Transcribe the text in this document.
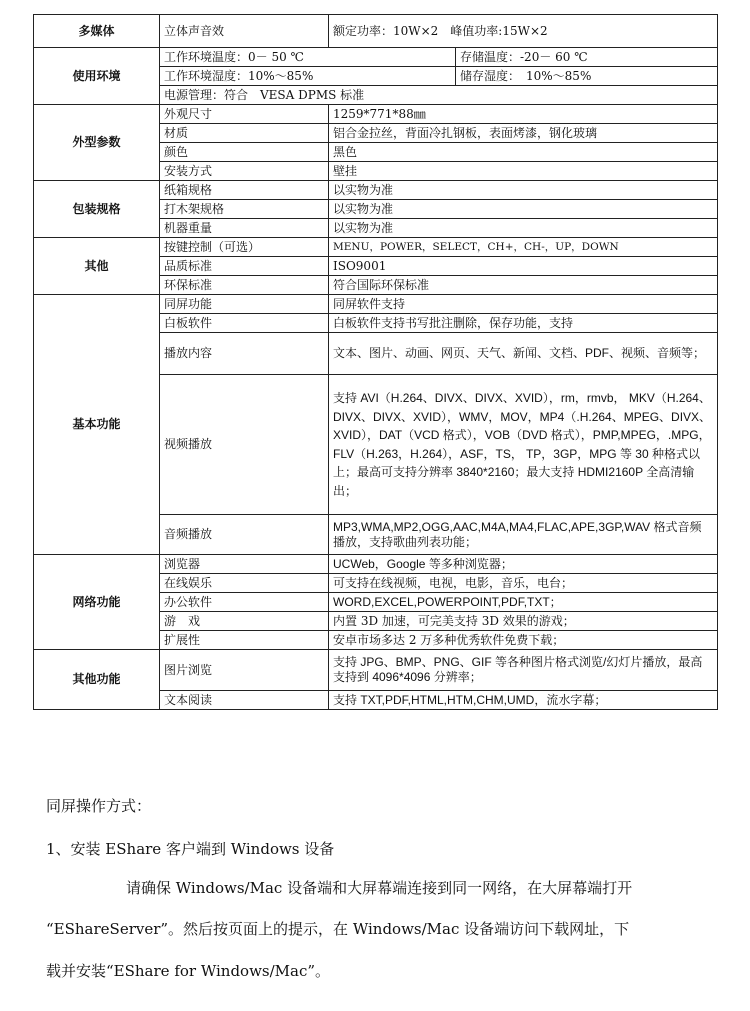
多媒体	立体声音效	额定功率：10W×2　峰值功率:15W×2	
使用环境	工作环境温度：0－ 50 ℃		存储温度：-20－ 60 ℃
	工作环境湿度：10%～85%		储存湿度：　10%～85%
	电源管理：符合　VESA DPMS 标准		
外型参数	外观尺寸	1259*771*88㎜	
	材质	铝合金拉丝，背面冷扎钢板，表面烤漆，钢化玻璃	
	颜色	黑色	
	安装方式	壁挂	
包装规格	纸箱规格	以实物为准	
	打木架规格	以实物为准	
	机器重量	以实物为准	
其他	按键控制（可选）	MENU，POWER，SELECT，CH+，CH-，UP，DOWN	
	品质标准	ISO9001	
	环保标准	符合国际环保标准	
基本功能	同屏功能	同屏软件支持	
	白板软件	白板软件支持书写批注删除，保存功能，支持	
	播放内容	文本、图片、动画、网页、天气、新闻、文档、PDF、视频、音频等；	
	视频播放	支持 AVI（H.264、DIVX、DIVX、XVID），rm，rmvb， MKV（H.264、DIVX、DIVX、XVID），WMV，MOV，MP4（.H.264、MPEG、DIVX、XVID），DAT（VCD 格式），VOB（DVD 格式），PMP,MPEG，.MPG， FLV（H.263，H.264），ASF，TS， TP，3GP，MPG 等 30 种格式以上；最高可支持分辨率 3840*2160；最大支持 HDMI2160P 全高清输出；	
	音频播放	MP3,WMA,MP2,OGG,AAC,M4A,MA4,FLAC,APE,3GP,WAV 格式音频播放，支持歌曲列表功能；	
网络功能	浏览器	UCWeb，Google 等多种浏览器；	
	在线娱乐	可支持在线视频，电视，电影，音乐，电台；	
	办公软件	WORD,EXCEL,POWERPOINT,PDF,TXT；	
	游　戏	内置 3D 加速，可完美支持 3D 效果的游戏；	
	扩展性	安卓市场多达 2 万多种优秀软件免费下载；	
其他功能	图片浏览	支持 JPG、BMP、PNG、GIF 等各种图片格式浏览/幻灯片播放，最高支持到 4096*4096 分辨率；	
	文本阅读	支持 TXT,PDF,HTML,HTM,CHM,UMD，流水字幕；	
同屏操作方式：
1、安装 EShare 客户端到 Windows 设备
请确保 Windows/Mac 设备端和大屏幕端连接到同一网络，在大屏幕端打开
“EShareServer”。然后按页面上的提示，在 Windows/Mac 设备端访问下载网址，下
载并安装“EShare for Windows/Mac”。
